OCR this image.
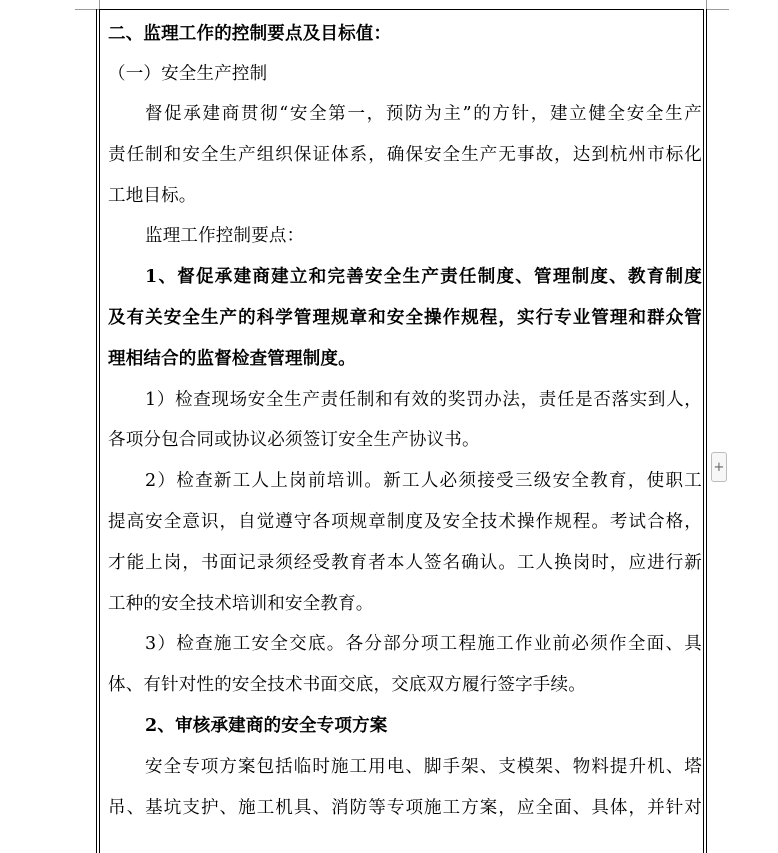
二、监理工作的控制要点及目标值：
（一）安全生产控制
督促承建商贯彻“安全第一，预防为主”的方针，建立健全安全生产
责任制和安全生产组织保证体系，确保安全生产无事故，达到杭州市标化
工地目标。
监理工作控制要点：
1、督促承建商建立和完善安全生产责任制度、管理制度、教育制度
及有关安全生产的科学管理规章和安全操作规程，实行专业管理和群众管
理相结合的监督检查管理制度。
1）检查现场安全生产责任制和有效的奖罚办法，责任是否落实到人，
各项分包合同或协议必须签订安全生产协议书。
2）检查新工人上岗前培训。新工人必须接受三级安全教育，使职工
提高安全意识，自觉遵守各项规章制度及安全技术操作规程。考试合格，
才能上岗，书面记录须经受教育者本人签名确认。工人换岗时，应进行新
工种的安全技术培训和安全教育。
3）检查施工安全交底。各分部分项工程施工作业前必须作全面、具
体、有针对性的安全技术书面交底，交底双方履行签字手续。
2、审核承建商的安全专项方案
安全专项方案包括临时施工用电、脚手架、支模架、物料提升机、塔
吊、基坑支护、施工机具、消防等专项施工方案，应全面、具体，并针对
+
